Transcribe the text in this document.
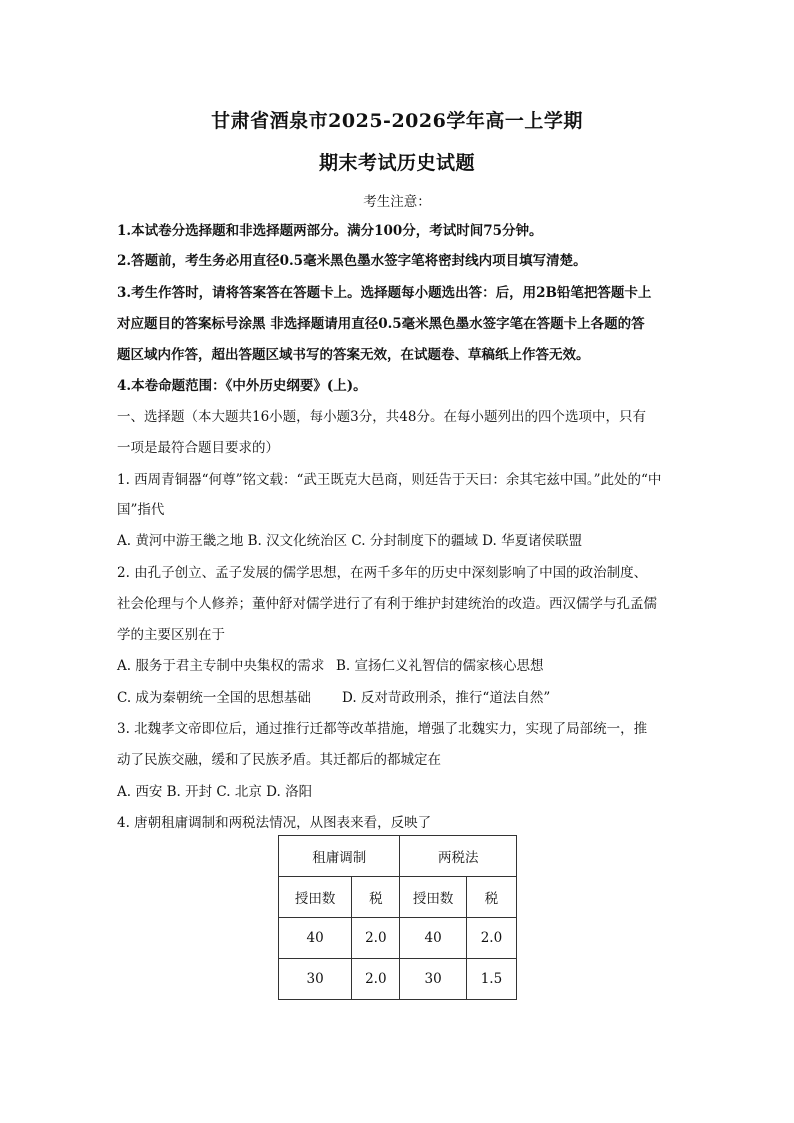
甘肃省酒泉市2025-2026学年高一上学期
期末考试历史试题
考生注意：
1.本试卷分选择题和非选择题两部分。满分100分，考试时间75分钟。
2.答题前，考生务必用直径0.5毫米黑色墨水签字笔将密封线内项目填写清楚。
3.考生作答时，请将答案答在答题卡上。选择题每小题选出答：后，用2B铅笔把答题卡上
对应题目的答案标号涂黑 非选择题请用直径0.5毫米黑色墨水签字笔在答题卡上各题的答
题区域内作答，超出答题区域书写的答案无效，在试题卷、草稿纸上作答无效。
4.本卷命题范围：《中外历史纲要》(上)。
一、选择题（本大题共16小题，每小题3分，共48分。在每小题列出的四个选项中，只有
一项是最符合题目要求的）
1. 西周青铜器“何尊”铭文载：“武王既克大邑商，则廷告于天曰：余其宅兹中国。”此处的“中
国”指代
A. 黄河中游王畿之地 B. 汉文化统治区 C. 分封制度下的疆域 D. 华夏诸侯联盟
2. 由孔子创立、孟子发展的儒学思想，在两千多年的历史中深刻影响了中国的政治制度、
社会伦理与个人修养；董仲舒对儒学进行了有利于维护封建统治的改造。西汉儒学与孔孟儒
学的主要区别在于
A. 服务于君主专制中央集权的需求 B. 宣扬仁义礼智信的儒家核心思想
C. 成为秦朝统一全国的思想基础 D. 反对苛政刑杀，推行“道法自然”
3. 北魏孝文帝即位后，通过推行迁都等改革措施，增强了北魏实力，实现了局部统一，推
动了民族交融，缓和了民族矛盾。其迁都后的都城定在
A. 西安 B. 开封 C. 北京 D. 洛阳
4. 唐朝租庸调制和两税法情况，从图表来看，反映了
租庸调制		两税法	
授田数	税	授田数	税
40	2.0	40	2.0
30	2.0	30	1.5
